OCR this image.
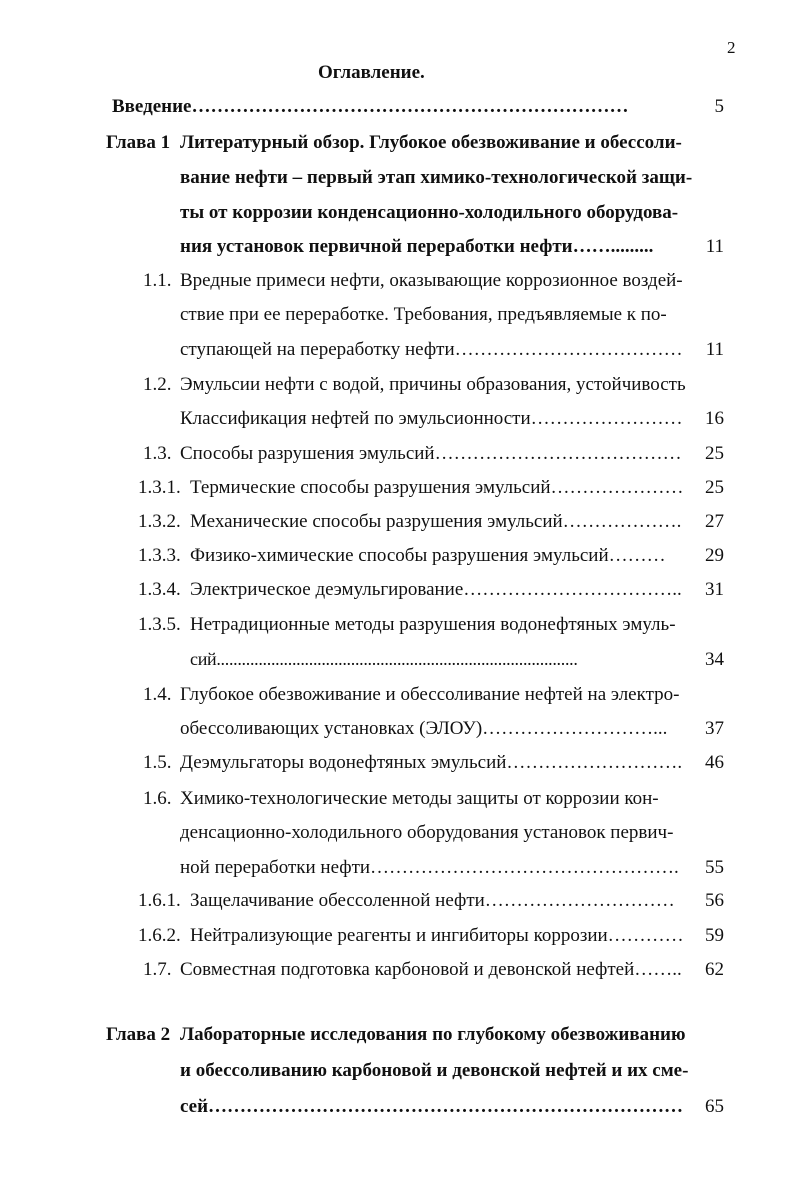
2
Оглавление.
Введение……………………………………………………………	5
Глава 1 Литературный обзор. Глубокое обезвоживание и обессоли-
вание нефти – первый этап химико-технологической защи-
ты от коррозии конденсационно-холодильного оборудова-
ния установок первичной переработки нефти…….........	11
1.1. Вредные примеси нефти, оказывающие коррозионное воздей-
ствие при ее переработке. Требования, предъявляемые к по-
ступающей на переработку нефти………………………………	11
1.2. Эмульсии нефти с водой, причины образования, устойчивость
Классификация нефтей по эмульсионности……………………	16
1.3. Способы разрушения эмульсий…………………………………	25
1.3.1. Термические способы разрушения эмульсий…………………	25
1.3.2. Механические способы разрушения эмульсий……………….	27
1.3.3. Физико-химические способы разрушения эмульсий………	29
1.3.4. Электрическое деэмульгирование……………………………..	31
1.3.5. Нетрадиционные методы разрушения водонефтяных эмуль-
сий......................................................................................	34
1.4. Глубокое обезвоживание и обессоливание нефтей на электро-
обессоливающих установках (ЭЛОУ)………………………...	37
1.5. Деэмульгаторы водонефтяных эмульсий……………………….	46
1.6. Химико-технологические методы защиты от коррозии кон-
денсационно-холодильного оборудования установок первич-
ной переработки нефти………………………………………….	55
1.6.1. Защелачивание обессоленной нефти…………………………	56
1.6.2. Нейтрализующие реагенты и ингибиторы коррозии…………	59
1.7. Совместная подготовка карбоновой и девонской нефтей……..	62
Глава 2 Лабораторные исследования по глубокому обезвоживанию
и обессоливанию карбоновой и девонской нефтей и их сме-
сей…………………………………………………………………	65
